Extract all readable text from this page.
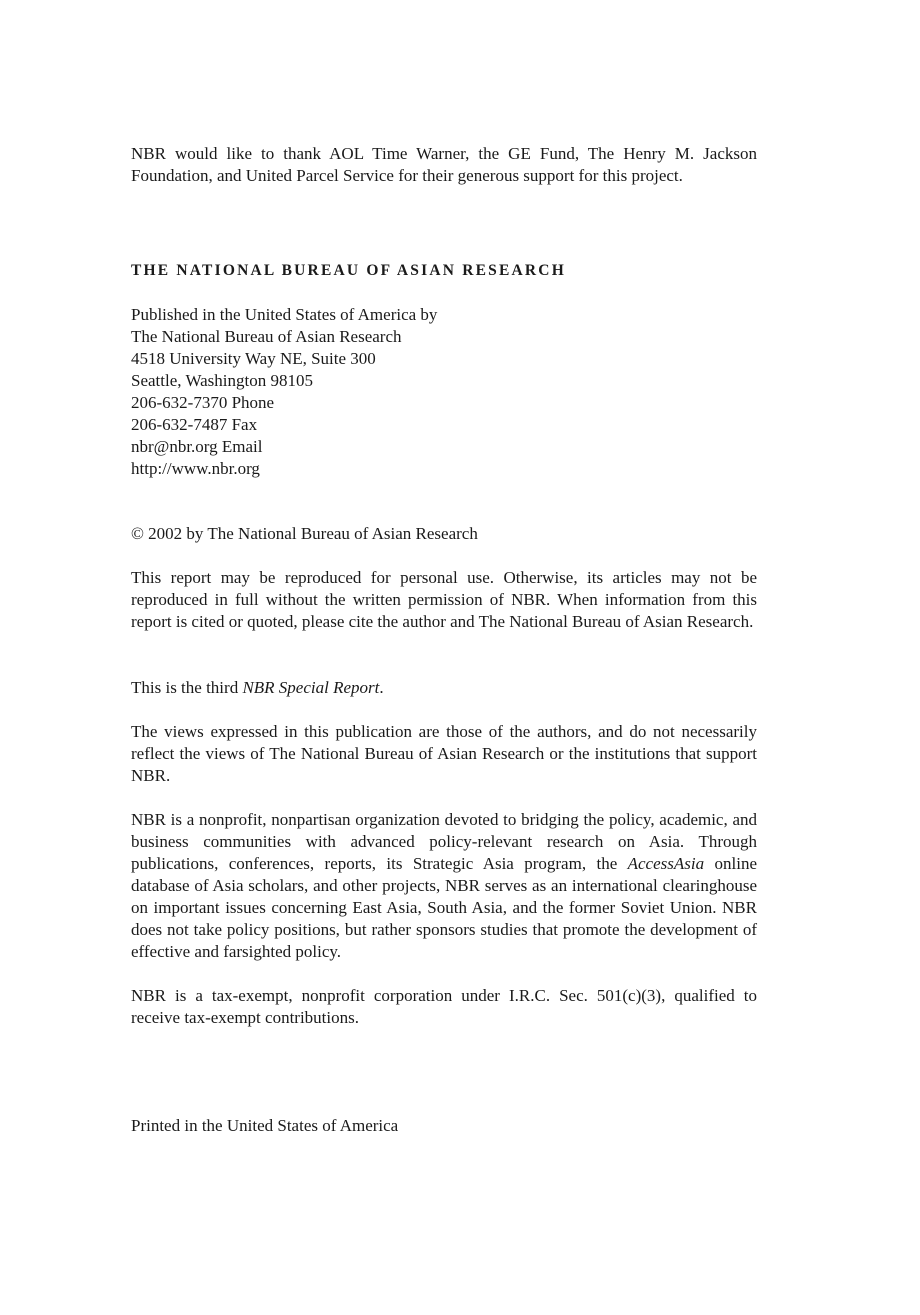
NBR would like to thank AOL Time Warner, the GE Fund, The Henry M. Jackson Foundation, and United Parcel Service for their generous support for this project.

THE NATIONAL BUREAU OF ASIAN RESEARCH

Published in the United States of America by
The National Bureau of Asian Research
4518 University Way NE, Suite 300
Seattle, Washington 98105
206-632-7370 Phone
206-632-7487 Fax
nbr@nbr.org Email
http://www.nbr.org

© 2002 by The National Bureau of Asian Research

This report may be reproduced for personal use. Otherwise, its articles may not be reproduced in full without the written permission of NBR. When information from this report is cited or quoted, please cite the author and The National Bureau of Asian Research.

This is the third NBR Special Report.

The views expressed in this publication are those of the authors, and do not necessarily reflect the views of The National Bureau of Asian Research or the institutions that support NBR.

NBR is a nonprofit, nonpartisan organization devoted to bridging the policy, academic, and business communities with advanced policy-relevant research on Asia. Through publications, conferences, reports, its Strategic Asia program, the AccessAsia online database of Asia scholars, and other projects, NBR serves as an international clearinghouse on important issues concerning East Asia, South Asia, and the former Soviet Union. NBR does not take policy positions, but rather sponsors studies that promote the development of effective and farsighted policy.

NBR is a tax-exempt, nonprofit corporation under I.R.C. Sec. 501(c)(3), qualified to receive tax-exempt contributions.

Printed in the United States of America
